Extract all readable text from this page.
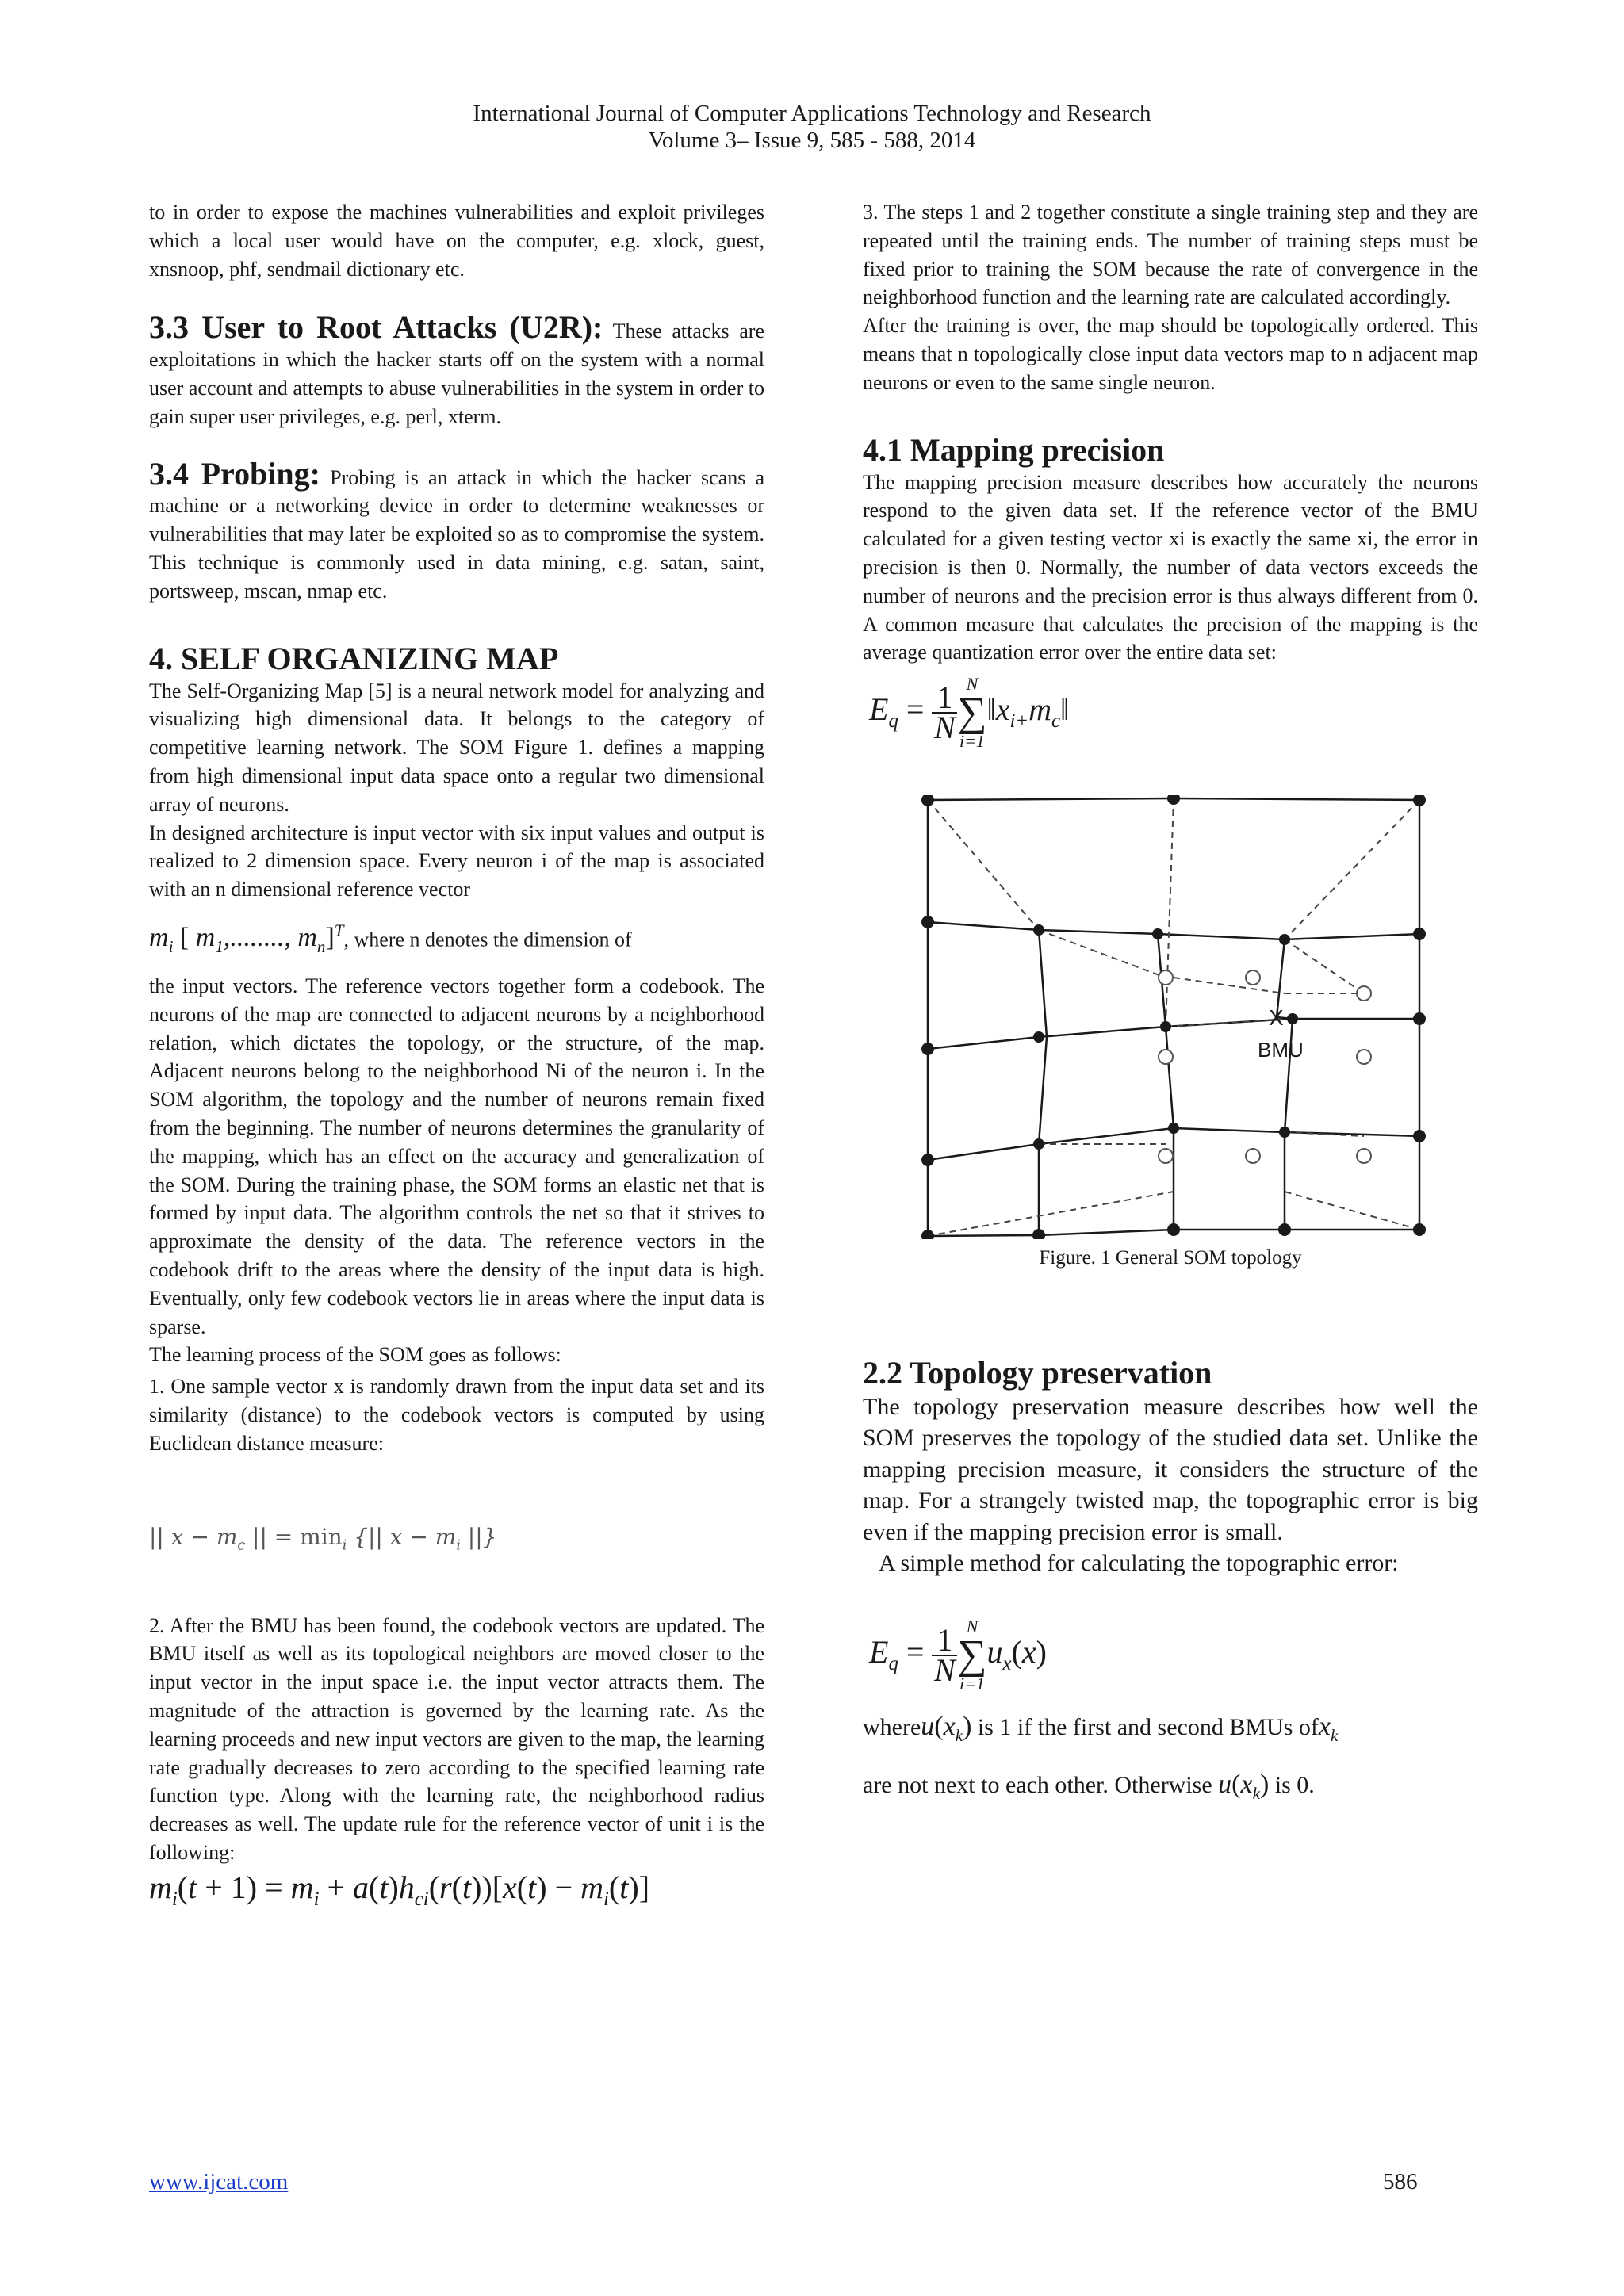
International Journal of Computer Applications Technology and Research
Volume 3– Issue 9, 585 - 588, 2014

to in order to expose the machines vulnerabilities and exploit privileges which a local user would have on the computer, e.g. xlock, guest, xnsnoop, phf, sendmail dictionary etc.

3.3 User to Root Attacks (U2R): These attacks are exploitations in which the hacker starts off on the system with a normal user account and attempts to abuse vulnerabilities in the system in order to gain super user privileges, e.g. perl, xterm.

3.4 Probing: Probing is an attack in which the hacker scans a machine or a networking device in order to determine weaknesses or vulnerabilities that may later be exploited so as to compromise the system. This technique is commonly used in data mining, e.g. satan, saint, portsweep, mscan, nmap etc.

4. SELF ORGANIZING MAP

The Self-Organizing Map [5] is a neural network model for analyzing and visualizing high dimensional data. It belongs to the category of competitive learning network. The SOM Figure 1. defines a mapping from high dimensional input data space onto a regular two dimensional array of neurons.

In designed architecture is input vector with six input values and output is realized to 2 dimension space. Every neuron i of the map is associated with an n dimensional reference vector

$m_i$ [ $m_1$,........, $m_n]^T$, where n denotes the dimension of

the input vectors. The reference vectors together form a codebook. The neurons of the map are connected to adjacent neurons by a neighborhood relation, which dictates the topology, or the structure, of the map. Adjacent neurons belong to the neighborhood Ni of the neuron i. In the SOM algorithm, the topology and the number of neurons remain fixed from the beginning. The number of neurons determines the granularity of the mapping, which has an effect on the accuracy and generalization of the SOM. During the training phase, the SOM forms an elastic net that is formed by input data. The algorithm controls the net so that it strives to approximate the density of the data. The reference vectors in the codebook drift to the areas where the density of the input data is high. Eventually, only few codebook vectors lie in areas where the input data is sparse.

The learning process of the SOM goes as follows:

1. One sample vector x is randomly drawn from the input data set and its similarity (distance) to the codebook vectors is computed by using Euclidean distance measure:

|| $x - m_c$ || = $\min_i$ {|| $x - m_i$ ||}

2. After the BMU has been found, the codebook vectors are updated. The BMU itself as well as its topological neighbors are moved closer to the input vector in the input space i.e. the input vector attracts them. The magnitude of the attraction is governed by the learning rate. As the learning proceeds and new input vectors are given to the map, the learning rate gradually decreases to zero according to the specified learning rate function type. Along with the learning rate, the neighborhood radius decreases as well. The update rule for the reference vector of unit i is the following:

$m_i(t + 1) = m_i + a(t)h_{ci}(r(t))[x(t) - m_i(t)]$

3. The steps 1 and 2 together constitute a single training step and they are repeated until the training ends. The number of training steps must be fixed prior to training the SOM because the rate of convergence in the neighborhood function and the learning rate are calculated accordingly.

After the training is over, the map should be topologically ordered. This means that n topologically close input data vectors map to n adjacent map neurons or even to the same single neuron.

4.1 Mapping precision

The mapping precision measure describes how accurately the neurons respond to the given data set. If the reference vector of the BMU calculated for a given testing vector xi is exactly the same xi, the error in precision is then 0. Normally, the number of data vectors exceeds the number of neurons and the precision error is thus always different from 0. A common measure that calculates the precision of the mapping is the average quantization error over the entire data set:

$E_q = \frac{1}{N}$ N
∑
$i=1‖x_{i+}m_c‖$
X
BMU
Figure. 1 General SOM topology
2.2 Topology preservation

The topology preservation measure describes how well the SOM preserves the topology of the studied data set. Unlike the mapping precision measure, it considers the structure of the map. For a strangely twisted map, the topographic error is big even if the mapping precision error is small.

A simple method for calculating the topographic error:

$E_q = \frac{1}{N}$ N
∑
$i=1u_x(x)$

$whereu(x_k)$ is 1 if the first and second BMUs ofx$_k$

are not next to each other. Otherwise $u(x_k)$ is 0.

www.ijcat.com	586
